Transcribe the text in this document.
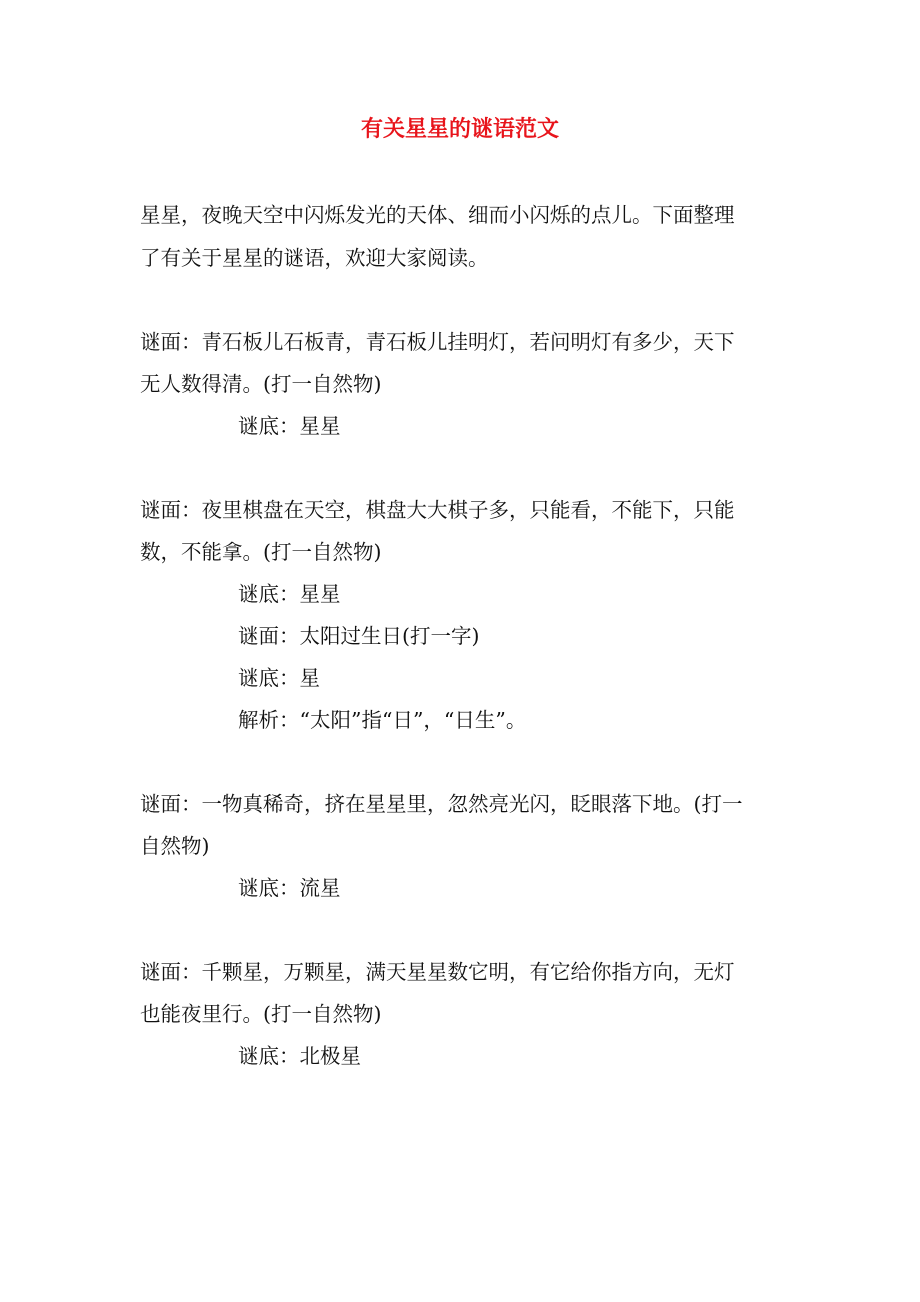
有关星星的谜语范文
星星，夜晚天空中闪烁发光的天体、细而小闪烁的点儿。下面整理
了有关于星星的谜语，欢迎大家阅读。
谜面：青石板儿石板青，青石板儿挂明灯，若问明灯有多少，天下
无人数得清。(打一自然物)
谜底：星星
谜面：夜里棋盘在天空，棋盘大大棋子多，只能看，不能下，只能
数，不能拿。(打一自然物)
谜底：星星
谜面：太阳过生日(打一字)
谜底：星
解析：“太阳”指“日”，“日生”。
谜面：一物真稀奇，挤在星星里，忽然亮光闪，眨眼落下地。(打一
自然物)
谜底：流星
谜面：千颗星，万颗星，满天星星数它明，有它给你指方向，无灯
也能夜里行。(打一自然物)
谜底：北极星
